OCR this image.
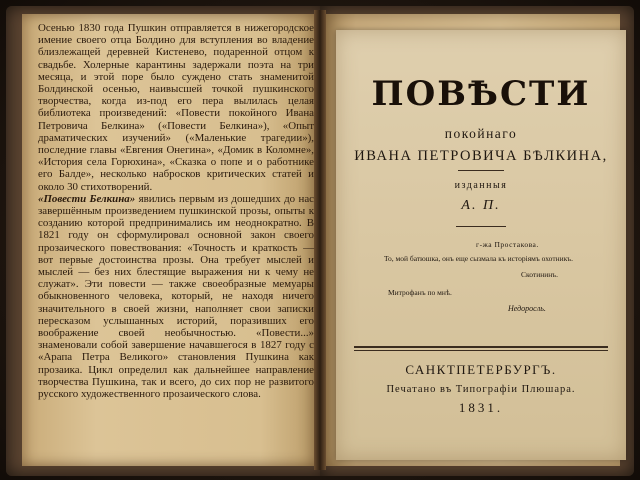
Осенью 1830 года Пушкин отправляется в нижегородское имение своего отца Болдино для вступления во владение близлежащей деревней Кистенево, подаренной отцом к свадьбе. Холерные карантины задержали поэта на три месяца, и этой поре было суждено стать знаменитой Болдинской осенью, наивысшей точкой пушкинского творчества, когда из-под его пера вылилась целая библиотека произведений: «Повести покойного Ивана Петровича Белкина» («Повести Белкина»), «Опыт драматических изучений» («Маленькие трагедии»), последние главы «Евгения Онегина», «Домик в Коломне», «История села Горюхина», «Сказка о попе и о работнике его Балде», несколько набросков критических статей и около 30 стихотворений.

«Повести Белкина» явились первым из дошедших до нас завершённым произведением пушкинской прозы, опыты к созданию которой предпринимались им неоднократно. В 1821 году он сформулировал основной закон своего прозаического повествования: «Точность и краткость — вот первые достоинства прозы. Она требует мыслей и мыслей — без них блестящие выражения ни к чему не служат». Эти повести — также своеобразные мемуары обыкновенного человека, который, не находя ничего значительного в своей жизни, наполняет свои записки пересказом услышанных историй, поразивших его воображение своей необычностью. «Повести...» знаменовали собой завершение начавшегося в 1827 году с «Арапа Петра Великого» становления Пушкина как прозаика. Цикл определил как дальнейшее направление творчества Пушкина, так и всего, до сих пор не развитого русского художественного прозаического слова.

ПОВѢСТИ
покойнаго
ИВАНА ПЕТРОВИЧА БѢЛКИНА,
изданныя
А. П.
г-жа Простакова.
То, мой батюшка, онъ еще сызмала къ исторiямъ охотникъ.
Скотининъ.
Митрофанъ по мнѣ.
Недоросль.
САНКТПЕТЕРБУРГЪ.
Печатано въ Типографiи Плюшара.
1831.
